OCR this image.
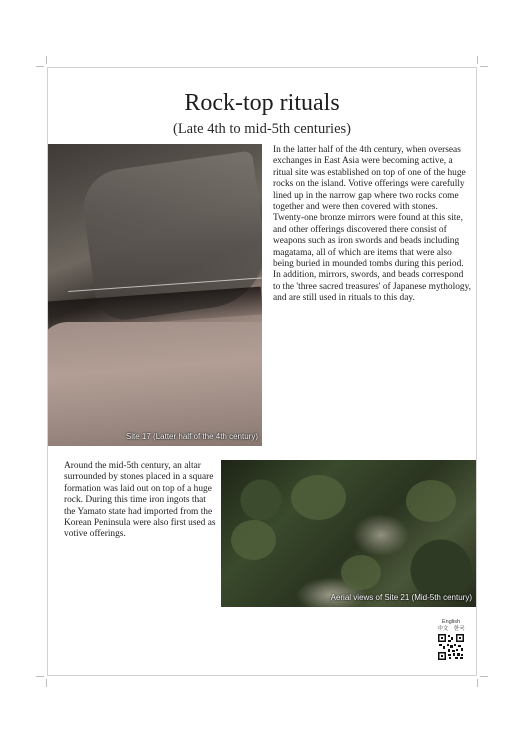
Rock-top rituals
(Late 4th to mid-5th centuries)
Site 17 (Latter half of the 4th century)

In the latter half of the 4th century, when overseas exchanges in East Asia were becoming active, a ritual site was established on top of one of the huge rocks on the island. Votive offerings were carefully lined up in the narrow gap where two rocks come together and were then covered with stones. Twenty-one bronze mirrors were found at this site, and other offerings discovered there consist of weapons such as iron swords and beads including magatama, all of which are items that were also being buried in mounded tombs during this period. In addition, mirrors, swords, and beads correspond to the 'three sacred treasures' of Japanese mythology, and are still used in rituals to this day.

Around the mid-5th century, an altar surrounded by stones placed in a square formation was laid out on top of a huge rock. During this time iron ingots that the Yamato state had imported from the Korean Peninsula were also first used as votive offerings.

Aerial views of Site 21 (Mid-5th century)
English
中文　한국
